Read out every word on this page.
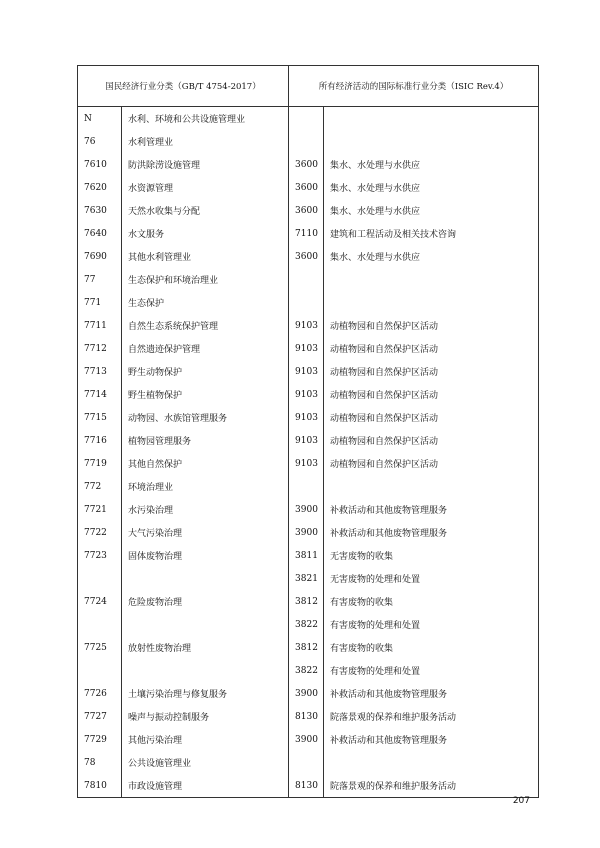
国民经济行业分类（GB/T 4754-2017）		所有经济活动的国际标准行业分类（ISIC Rev.4）	
N	水利、环境和公共设施管理业		
76	水利管理业		
7610	防洪除涝设施管理	3600	集水、水处理与水供应
7620	水资源管理	3600	集水、水处理与水供应
7630	天然水收集与分配	3600	集水、水处理与水供应
7640	水文服务	7110	建筑和工程活动及相关技术咨询
7690	其他水利管理业	3600	集水、水处理与水供应
77	生态保护和环境治理业		
771	生态保护		
7711	自然生态系统保护管理	9103	动植物园和自然保护区活动
7712	自然遗迹保护管理	9103	动植物园和自然保护区活动
7713	野生动物保护	9103	动植物园和自然保护区活动
7714	野生植物保护	9103	动植物园和自然保护区活动
7715	动物园、水族馆管理服务	9103	动植物园和自然保护区活动
7716	植物园管理服务	9103	动植物园和自然保护区活动
7719	其他自然保护	9103	动植物园和自然保护区活动
772	环境治理业		
7721	水污染治理	3900	补救活动和其他废物管理服务
7722	大气污染治理	3900	补救活动和其他废物管理服务
7723	固体废物治理	3811	无害废物的收集
		3821	无害废物的处理和处置
7724	危险废物治理	3812	有害废物的收集
		3822	有害废物的处理和处置
7725	放射性废物治理	3812	有害废物的收集
		3822	有害废物的处理和处置
7726	土壤污染治理与修复服务	3900	补救活动和其他废物管理服务
7727	噪声与振动控制服务	8130	院落景观的保养和维护服务活动
7729	其他污染治理	3900	补救活动和其他废物管理服务
78	公共设施管理业		
7810	市政设施管理	8130	院落景观的保养和维护服务活动
207
